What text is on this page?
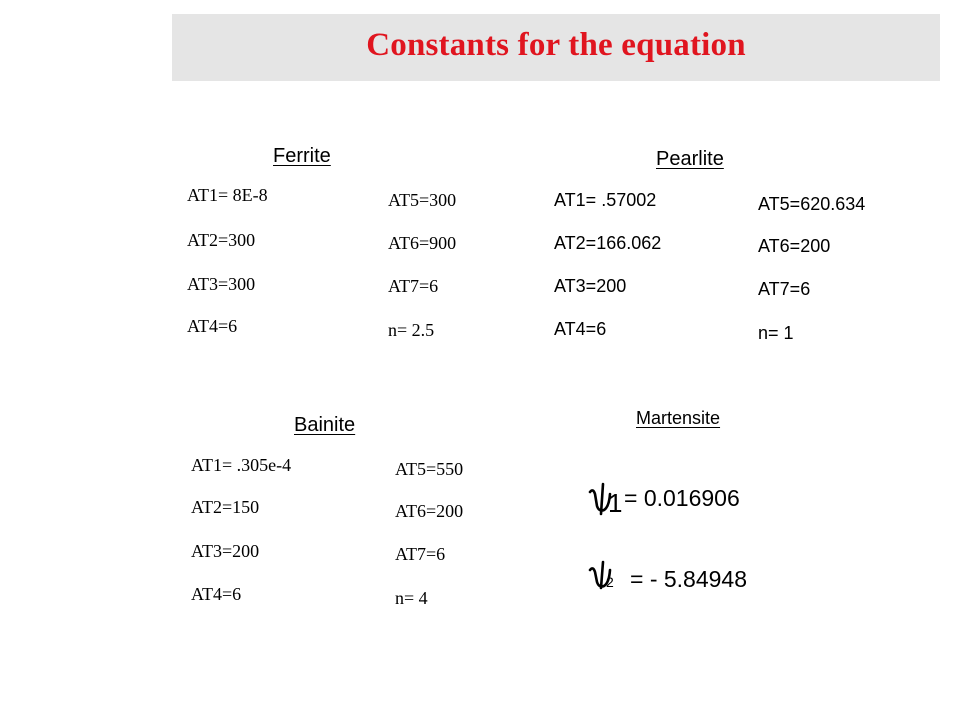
Constants for the equation
Ferrite
AT1= 8E-8
AT2=300
AT3=300
AT4=6
AT5=300
AT6=900
AT7=6
n= 2.5
Pearlite
AT1= .57002
AT2=166.062
AT3=200
AT4=6
AT5=620.634
AT6=200
AT7=6
n= 1
Bainite
AT1= .305e-4
AT2=150
AT3=200
AT4=6
AT5=550
AT6=200
AT7=6
n= 4
Martensite
1 = 0.016906
2 = - 5.84948
